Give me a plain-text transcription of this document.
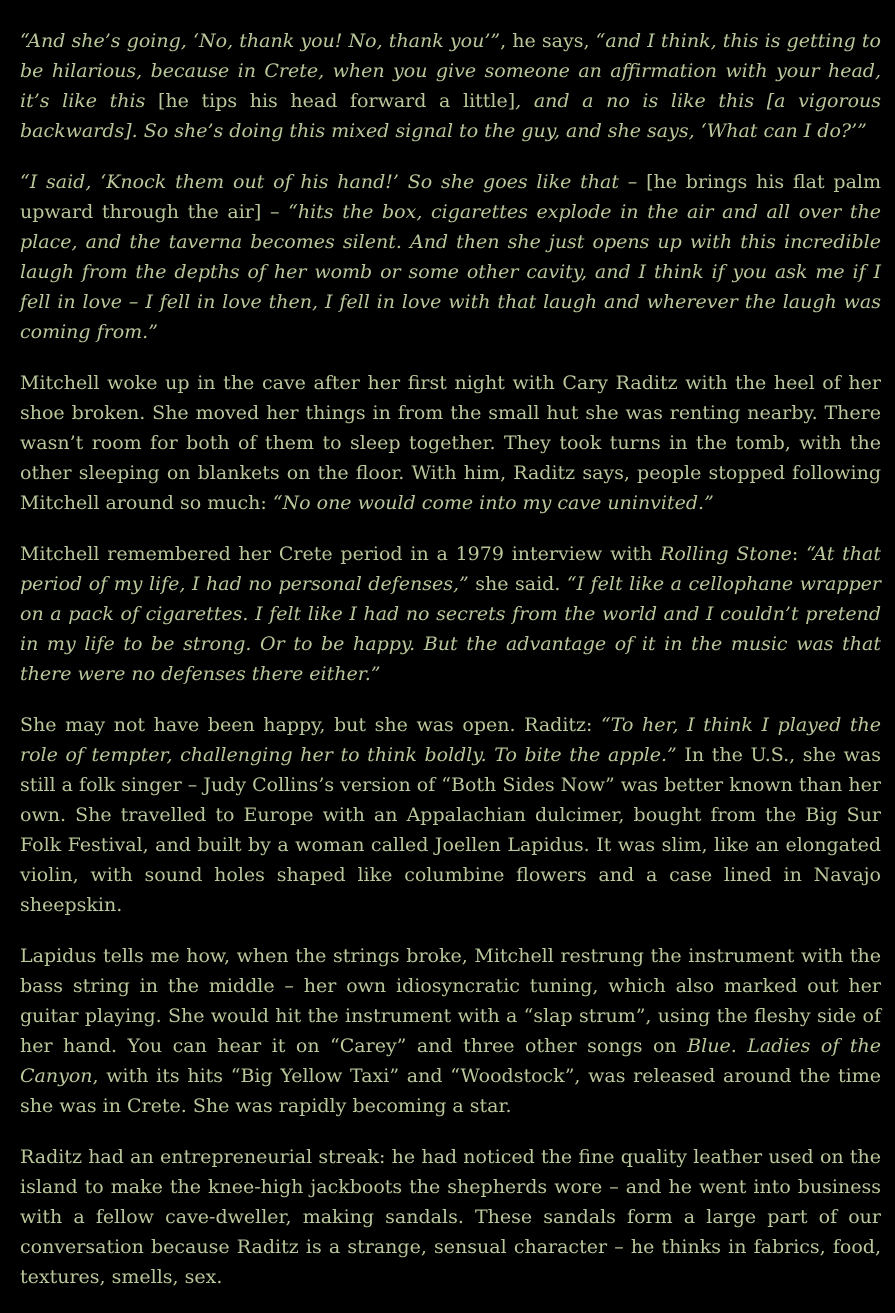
“And she’s going, ‘No, thank you! No, thank you’”, he says, “and I think, this is getting to be hilarious, because in Crete, when you give someone an affirmation with your head, it’s like this [he tips his head forward a little], and a no is like this [a vigorous backwards]. So she’s doing this mixed signal to the guy, and she says, ‘What can I do?’”

“I said, ‘Knock them out of his hand!’ So she goes like that – [he brings his flat palm upward through the air] – “hits the box, cigarettes explode in the air and all over the place, and the taverna becomes silent. And then she just opens up with this incredible laugh from the depths of her womb or some other cavity, and I think if you ask me if I fell in love – I fell in love then, I fell in love with that laugh and wherever the laugh was coming from.”

Mitchell woke up in the cave after her first night with Cary Raditz with the heel of her shoe broken. She moved her things in from the small hut she was renting nearby. There wasn’t room for both of them to sleep together. They took turns in the tomb, with the other sleeping on blankets on the floor. With him, Raditz says, people stopped following Mitchell around so much: “No one would come into my cave uninvited.”

Mitchell remembered her Crete period in a 1979 interview with Rolling Stone: “At that period of my life, I had no personal defenses,” she said. “I felt like a cellophane wrapper on a pack of cigarettes. I felt like I had no secrets from the world and I couldn’t pretend in my life to be strong. Or to be happy. But the advantage of it in the music was that there were no defenses there either.”

She may not have been happy, but she was open. Raditz: “To her, I think I played the role of tempter, challenging her to think boldly. To bite the apple.” In the U.S., she was still a folk singer – Judy Collins’s version of “Both Sides Now” was better known than her own. She travelled to Europe with an Appalachian dulcimer, bought from the Big Sur Folk Festival, and built by a woman called Joellen Lapidus. It was slim, like an elongated violin, with sound holes shaped like columbine flowers and a case lined in Navajo sheepskin.

Lapidus tells me how, when the strings broke, Mitchell restrung the instrument with the bass string in the middle – her own idiosyncratic tuning, which also marked out her guitar playing. She would hit the instrument with a “slap strum”, using the fleshy side of her hand. You can hear it on “Carey” and three other songs on Blue. Ladies of the Canyon, with its hits “Big Yellow Taxi” and “Woodstock”, was released around the time she was in Crete. She was rapidly becoming a star.

Raditz had an entrepreneurial streak: he had noticed the fine quality leather used on the island to make the knee-high jackboots the shepherds wore – and he went into business with a fellow cave-dweller, making sandals. These sandals form a large part of our conversation because Raditz is a strange, sensual character – he thinks in fabrics, food, textures, smells, sex.
